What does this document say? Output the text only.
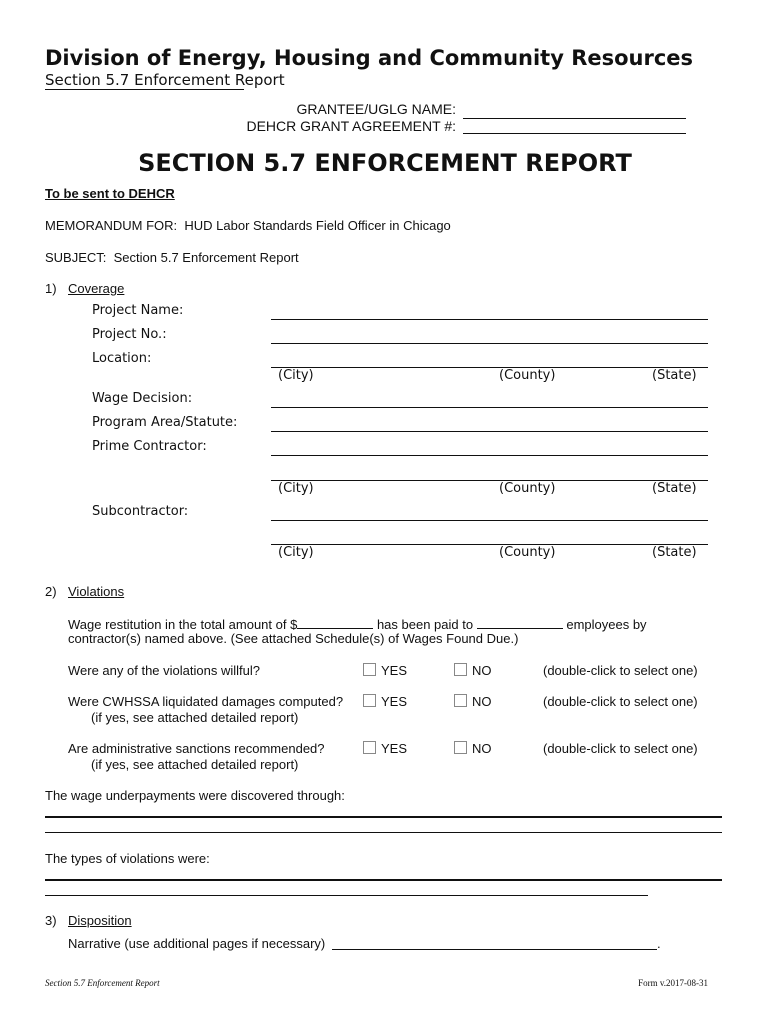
Division of Energy, Housing and Community Resources
Section 5.7 Enforcement Report
GRANTEE/UGLG NAME:
DEHCR GRANT AGREEMENT #:
SECTION 5.7 ENFORCEMENT REPORT
To be sent to DEHCR
MEMORANDUM FOR: HUD Labor Standards Field Officer in Chicago
SUBJECT: Section 5.7 Enforcement Report
1) Coverage
Project Name:
Project No.:
Location:
(City)	(County)	(State)
Wage Decision:
Program Area/Statute:
Prime Contractor:
(City)	(County)	(State)
Subcontractor:
(City)	(County)	(State)
2) Violations
Wage restitution in the total amount of $	has been paid to	employees by
contractor(s) named above. (See attached Schedule(s) of Wages Found Due.)
Were any of the violations willful?	YES	NO	(double-click to select one)
Were CWHSSA liquidated damages computed?
(if yes, see attached detailed report)
YES	NO	(double-click to select one)
Are administrative sanctions recommended?
(if yes, see attached detailed report)
YES	NO	(double-click to select one)
The wage underpayments were discovered through:
The types of violations were:
3) Disposition
Narrative (use additional pages if necessary)	.
Section 5.7 Enforcement Report	Form v.2017-08-31
